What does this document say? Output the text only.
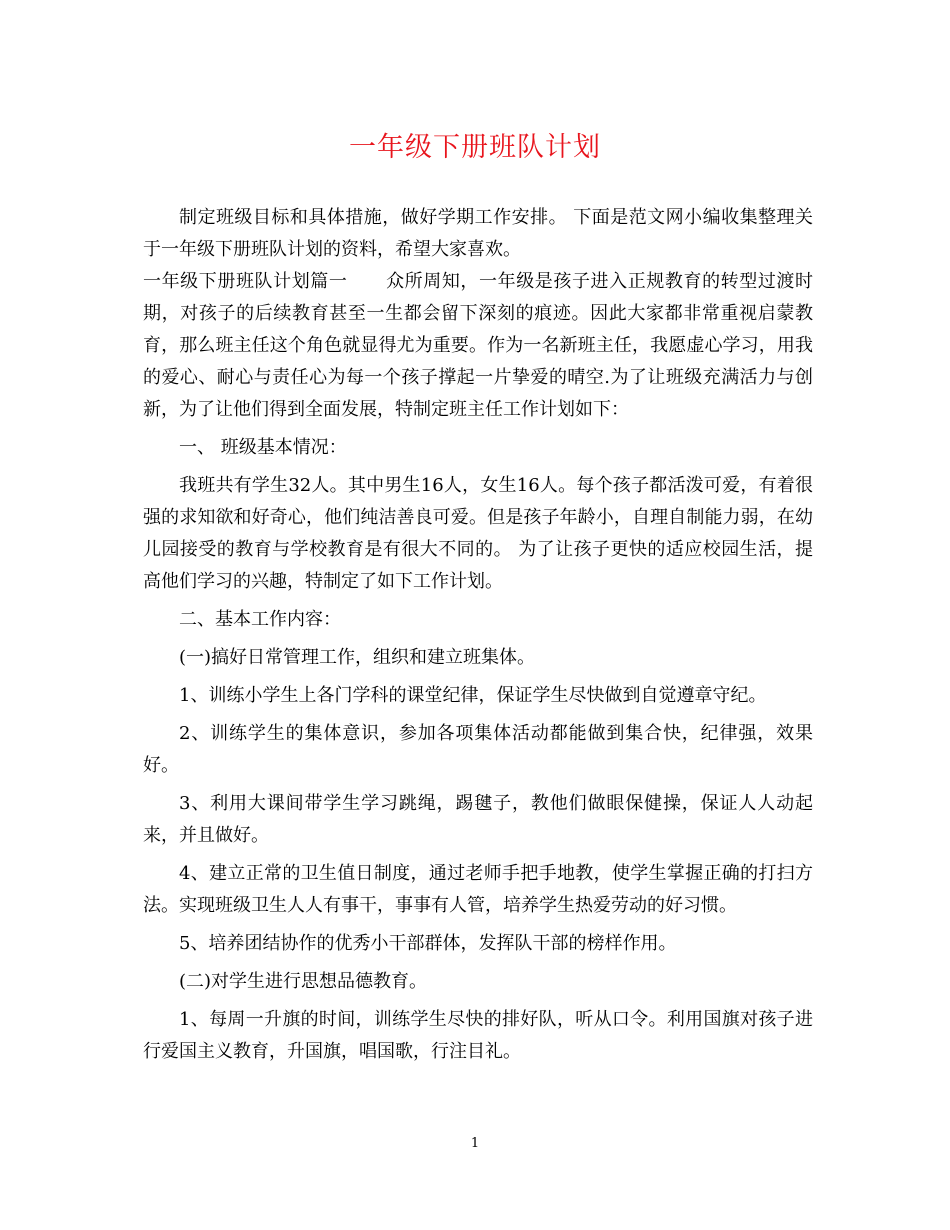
一年级下册班队计划

制定班级目标和具体措施，做好学期工作安排。 下面是范文网小编收集整理关于一年级下册班队计划的资料，希望大家喜欢。

一年级下册班队计划篇一 众所周知，一年级是孩子进入正规教育的转型过渡时期，对孩子的后续教育甚至一生都会留下深刻的痕迹。因此大家都非常重视启蒙教育，那么班主任这个角色就显得尤为重要。作为一名新班主任，我愿虚心学习，用我的爱心、耐心与责任心为每一个孩子撑起一片挚爱的晴空.为了让班级充满活力与创新，为了让他们得到全面发展，特制定班主任工作计划如下：

一、 班级基本情况：

我班共有学生32人。其中男生16人，女生16人。每个孩子都活泼可爱，有着很强的求知欲和好奇心，他们纯洁善良可爱。但是孩子年龄小，自理自制能力弱，在幼儿园接受的教育与学校教育是有很大不同的。 为了让孩子更快的适应校园生活，提高他们学习的兴趣，特制定了如下工作计划。

二、基本工作内容：

(一)搞好日常管理工作，组织和建立班集体。

1、训练小学生上各门学科的课堂纪律，保证学生尽快做到自觉遵章守纪。

2、训练学生的集体意识，参加各项集体活动都能做到集合快，纪律强，效果好。

3、利用大课间带学生学习跳绳，踢毽子，教他们做眼保健操，保证人人动起来，并且做好。

4、建立正常的卫生值日制度，通过老师手把手地教，使学生掌握正确的打扫方法。实现班级卫生人人有事干，事事有人管，培养学生热爱劳动的好习惯。

5、培养团结协作的优秀小干部群体，发挥队干部的榜样作用。

(二)对学生进行思想品德教育。

1、每周一升旗的时间，训练学生尽快的排好队，听从口令。利用国旗对孩子进行爱国主义教育，升国旗，唱国歌，行注目礼。

1
